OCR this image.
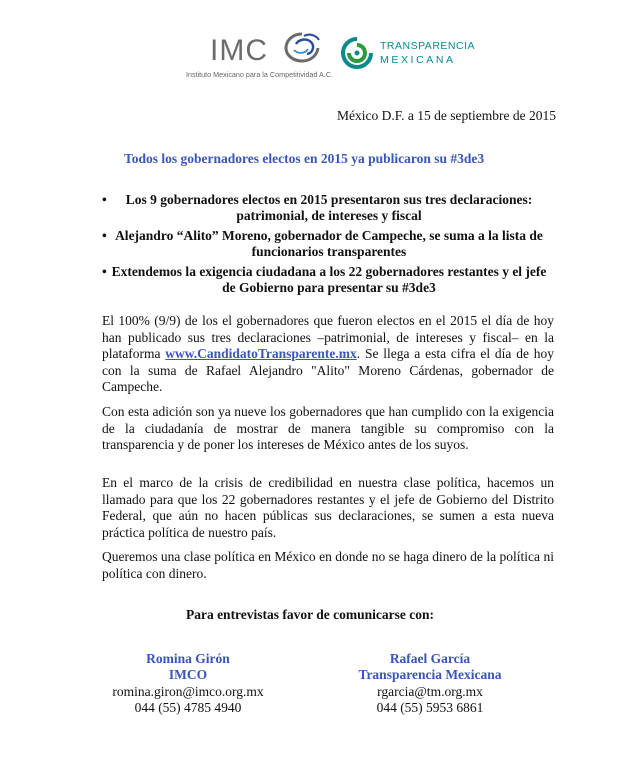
IMC
Instituto Mexicano para la Competitividad A.C.
TRANSPARENCIA
MEXICANA
México D.F. a 15 de septiembre de 2015
Todos los gobernadores electos en 2015 ya publicaron su #3de3
• Los 9 gobernadores electos en 2015 presentaron sus tres declaraciones: patrimonial, de intereses y fiscal
• Alejandro “Alito” Moreno, gobernador de Campeche, se suma a la lista de funcionarios transparentes
• Extendemos la exigencia ciudadana a los 22 gobernadores restantes y el jefe de Gobierno para presentar su #3de3

El 100% (9/9) de los el gobernadores que fueron electos en el 2015 el día de hoy han publicado sus tres declaraciones –patrimonial, de intereses y fiscal– en la plataforma www.CandidatoTransparente.mx. Se llega a esta cifra el día de hoy con la suma de Rafael Alejandro "Alito" Moreno Cárdenas, gobernador de Campeche.

Con esta adición son ya nueve los gobernadores que han cumplido con la exigencia de la ciudadanía de mostrar de manera tangible su compromiso con la transparencia y de poner los intereses de México antes de los suyos.

En el marco de la crisis de credibilidad en nuestra clase política, hacemos un llamado para que los 22 gobernadores restantes y el jefe de Gobierno del Distrito Federal, que aún no hacen públicas sus declaraciones, se sumen a esta nueva práctica política de nuestro país.

Queremos una clase política en México en donde no se haga dinero de la política ni política con dinero.

Para entrevistas favor de comunicarse con:
Romina Girón
IMCO
romina.giron@imco.org.mx
044 (55) 4785 4940
Rafael García
Transparencia Mexicana
rgarcia@tm.org.mx
044 (55) 5953 6861
